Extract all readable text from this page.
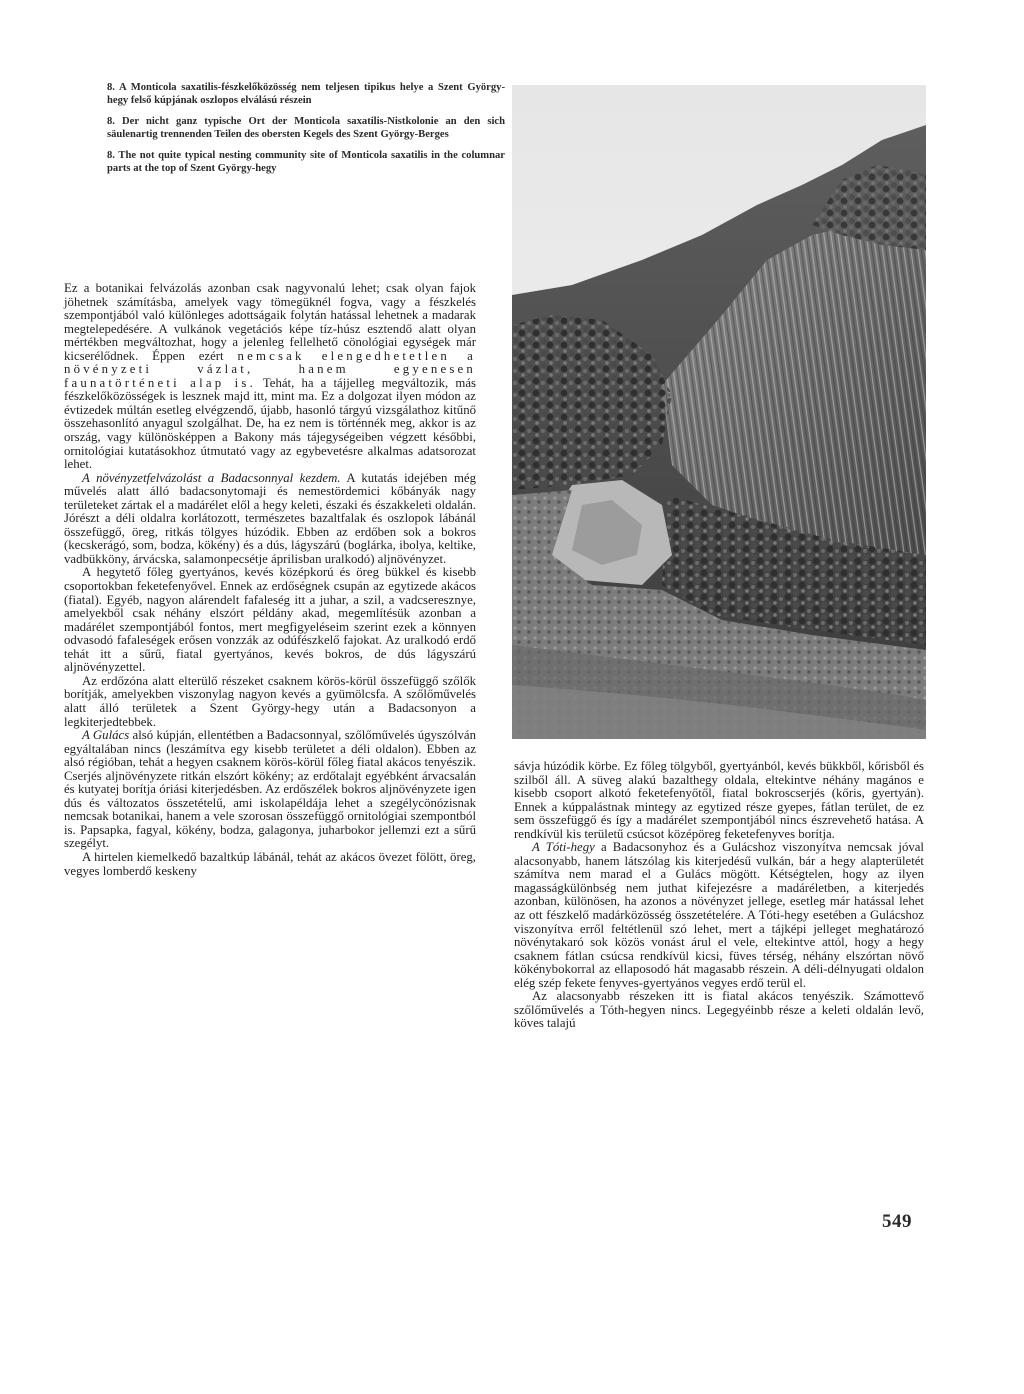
8. A Monticola saxatilis-fészkelőközösség nem teljesen tipikus helye a Szent György-hegy felső kúpjának oszlopos elválású részein

8. Der nicht ganz typische Ort der Monticola saxatilis-Nistkolonie an den sich säulenartig trennenden Teilen des obersten Kegels des Szent György-Berges

8. The not quite typical nesting community site of Monticola saxatilis in the columnar parts at the top of Szent György-hegy

Ez a botanikai felvázolás azonban csak nagyvonalú lehet; csak olyan fajok jöhetnek számításba, amelyek vagy tömegüknél fogva, vagy a fészkelés szempontjából való különleges adottságaik folytán hatással lehetnek a madarak megtelepedésére. A vulkánok vegetációs képe tíz-húsz esztendő alatt olyan mértékben megváltozhat, hogy a jelenleg fellelhető cönológiai egységek már kicserélődnek. Éppen ezért nemcsak elengedhetetlen a növényzeti vázlat, hanem egyenesen faunatörténeti alap is. Tehát, ha a tájjelleg megváltozik, más fészkelőközösségek is lesznek majd itt, mint ma. Ez a dolgozat ilyen módon az évtizedek múltán esetleg elvégzendő, újabb, hasonló tárgyú vizsgálathoz kitűnő összehasonlító anyagul szolgálhat. De, ha ez nem is történnék meg, akkor is az ország, vagy különösképpen a Bakony más tájegységeiben végzett későbbi, ornitológiai kutatásokhoz útmutató vagy az egybevetésre alkalmas adatsorozat lehet.

A növényzetfelvázolást a Badacsonnyal kezdem. A kutatás idejében még művelés alatt álló badacsonytomaji és nemestördemici kőbányák nagy területeket zártak el a madárélet elől a hegy keleti, északi és északkeleti oldalán. Jórészt a déli oldalra korlátozott, természetes bazaltfalak és oszlopok lábánál összefüggő, öreg, ritkás tölgyes húzódik. Ebben az erdőben sok a bokros (kecskerágó, som, bodza, kökény) és a dús, lágyszárú (boglárka, ibolya, keltike, vadbükköny, árvácska, salamonpecsétje áprilisban uralkodó) aljnövényzet.

A hegytető főleg gyertyános, kevés középkorú és öreg bükkel és kisebb csoportokban feketefenyővel. Ennek az erdőségnek csupán az egytizede akácos (fiatal). Egyéb, nagyon alárendelt fafaleség itt a juhar, a szil, a vadcseresznye, amelyekből csak néhány elszórt példány akad, megemlítésük azonban a madárélet szempontjából fontos, mert megfigyeléseim szerint ezek a könnyen odvasodó fafaleségek erősen vonzzák az odúfészkelő fajokat. Az uralkodó erdő tehát itt a sűrű, fiatal gyertyános, kevés bokros, de dús lágyszárú aljnövényzettel.

Az erdőzóna alatt elterülő részeket csaknem körös-körül összefüggő szőlők borítják, amelyekben viszonylag nagyon kevés a gyümölcsfa. A szőlőművelés alatt álló területek a Szent György-hegy után a Badacsonyon a legkiterjedtebbek.

A Gulács alsó kúpján, ellentétben a Badacsonnyal, szőlőművelés úgyszólván egyáltalában nincs (leszámítva egy kisebb területet a déli oldalon). Ebben az alsó régióban, tehát a hegyen csaknem körös-körül főleg fiatal akácos tenyészik. Cserjés aljnövényzete ritkán elszórt kökény; az erdőtalajt egyébként árvacsalán és kutyatej borítja óriási kiterjedésben. Az erdőszélek bokros aljnövényzete igen dús és változatos összetételű, ami iskolapéldája lehet a szegélycönózisnak nemcsak botanikai, hanem a vele szorosan összefüggő ornitológiai szempontból is. Papsapka, fagyal, kökény, bodza, galagonya, juharbokor jellemzi ezt a sűrű szegélyt.

A hirtelen kiemelkedő bazaltkúp lábánál, tehát az akácos övezet fölött, öreg, vegyes lomberdő keskeny

sávja húzódik körbe. Ez főleg tölgyből, gyertyánból, kevés bükkből, kőrisből és szilből áll. A süveg alakú bazalthegy oldala, eltekintve néhány magános e kisebb csoport alkotó feketefenyőtől, fiatal bokroscserjés (kőris, gyertyán). Ennek a kúppalástnak mintegy az egytized része gyepes, fátlan terület, de ez sem összefüggő és így a madárélet szempontjából nincs észrevehető hatása. A rendkívül kis területű csúcsot középöreg feketefenyves borítja.

A Tóti-hegy a Badacsonyhoz és a Gulácshoz viszonyítva nemcsak jóval alacsonyabb, hanem látszólag kis kiterjedésű vulkán, bár a hegy alapterületét számítva nem marad el a Gulács mögött. Kétségtelen, hogy az ilyen magasságkülönbség nem juthat kifejezésre a madáréletben, a kiterjedés azonban, különösen, ha azonos a növényzet jellege, esetleg már hatással lehet az ott fészkelő madárközösség összetételére. A Tóti-hegy esetében a Gulácshoz viszonyítva erről feltétlenül szó lehet, mert a tájképi jelleget meghatározó növénytakaró sok közös vonást árul el vele, eltekintve attól, hogy a hegy csaknem fátlan csúcsa rendkívül kicsi, füves térség, néhány elszórtan növő kökénybokorral az ellaposodó hát magasabb részein. A déli-délnyugati oldalon elég szép fekete fenyves-gyertyános vegyes erdő terül el.

Az alacsonyabb részeken itt is fiatal akácos tenyészik. Számottevő szőlőművelés a Tóth-hegyen nincs. Legegyéinbb része a keleti oldalán levő, köves talajú

549
